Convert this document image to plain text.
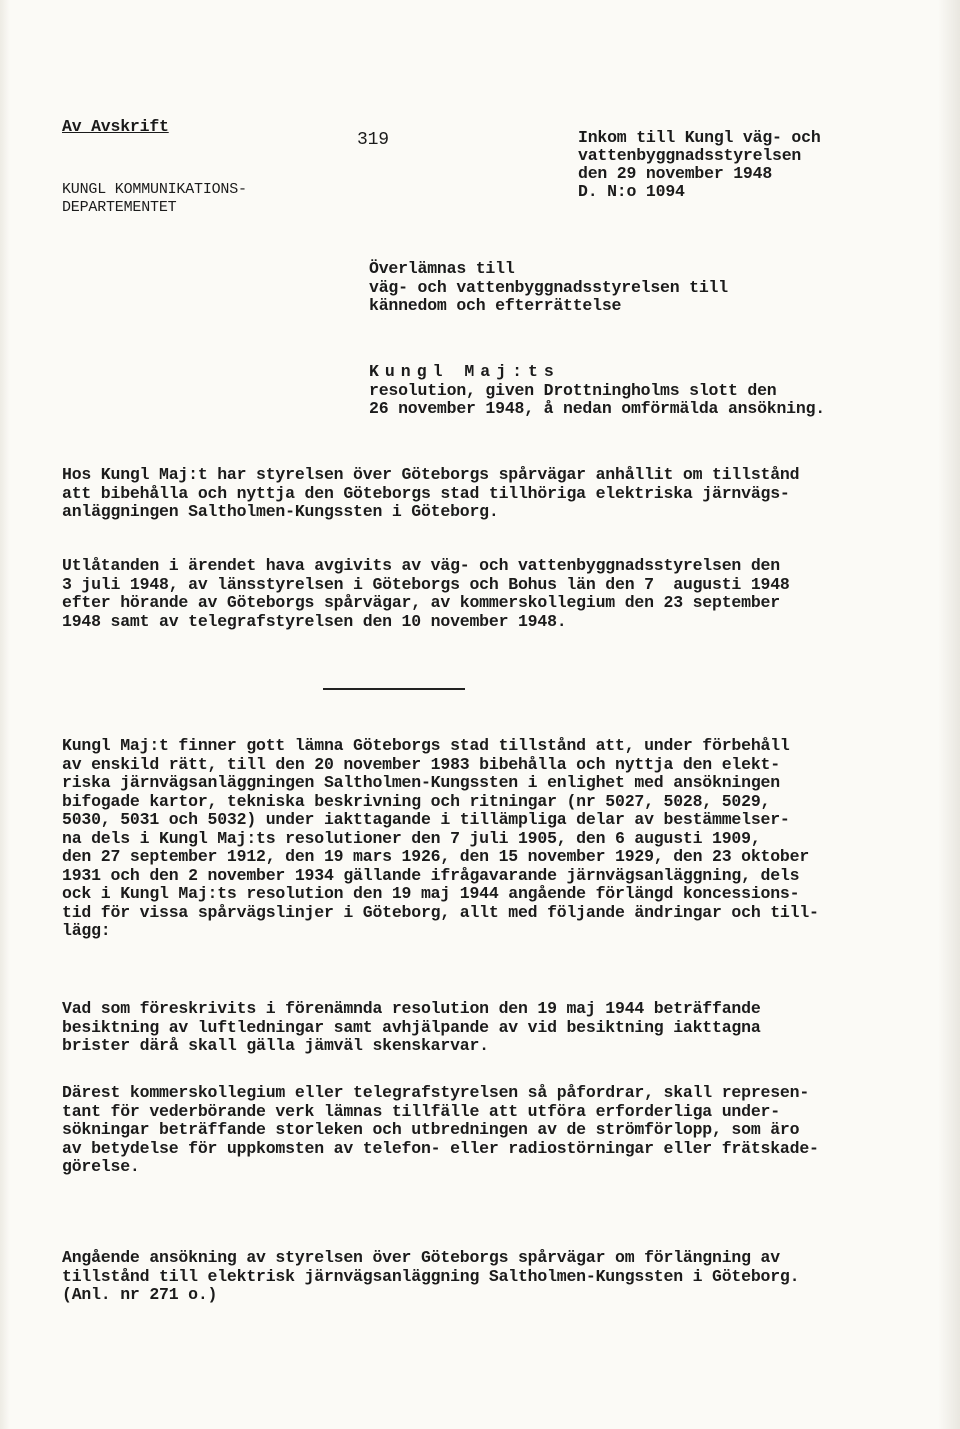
Av Avskrift
KUNGL KOMMUNIKATIONS-
DEPARTEMENTET
319	Inkom till Kungl väg- och
vattenbyggnadsstyrelsen
den 29 november 1948
D. N:o 1094
Överlämnas till
väg- och vattenbyggnadsstyrelsen till
kännedom och efterrättelse
Kungl Maj:ts
resolution, given Drottningholms slott den
26 november 1948, å nedan omförmälda ansökning.
Hos Kungl Maj:t har styrelsen över Göteborgs spårvägar anhållit om tillstånd
att bibehålla och nyttja den Göteborgs stad tillhöriga elektriska järnvägs-
anläggningen Saltholmen-Kungssten i Göteborg.
Utlåtanden i ärendet hava avgivits av väg- och vattenbyggnadsstyrelsen den
3 juli 1948, av länsstyrelsen i Göteborgs och Bohus län den 7  augusti 1948
efter hörande av Göteborgs spårvägar, av kommerskollegium den 23 september
1948 samt av telegrafstyrelsen den 10 november 1948.
Kungl Maj:t finner gott lämna Göteborgs stad tillstånd att, under förbehåll
av enskild rätt, till den 20 november 1983 bibehålla och nyttja den elekt-
riska järnvägsanläggningen Saltholmen-Kungssten i enlighet med ansökningen
bifogade kartor, tekniska beskrivning och ritningar (nr 5027, 5028, 5029,
5030, 5031 och 5032) under iakttagande i tillämpliga delar av bestämmelser-
na dels i Kungl Maj:ts resolutioner den 7 juli 1905, den 6 augusti 1909,
den 27 september 1912, den 19 mars 1926, den 15 november 1929, den 23 oktober
1931 och den 2 november 1934 gällande ifrågavarande järnvägsanläggning, dels
ock i Kungl Maj:ts resolution den 19 maj 1944 angående förlängd koncessions-
tid för vissa spårvägslinjer i Göteborg, allt med följande ändringar och till-
lägg:
Vad som föreskrivits i förenämnda resolution den 19 maj 1944 beträffande
besiktning av luftledningar samt avhjälpande av vid besiktning iakttagna
brister därå skall gälla jämväl skenskarvar.
Därest kommerskollegium eller telegrafstyrelsen så påfordrar, skall represen-
tant för vederbörande verk lämnas tillfälle att utföra erforderliga under-
sökningar beträffande storleken och utbredningen av de strömförlopp, som äro
av betydelse för uppkomsten av telefon- eller radiostörningar eller frätskade-
görelse.
Angående ansökning av styrelsen över Göteborgs spårvägar om förlängning av
tillstånd till elektrisk järnvägsanläggning Saltholmen-Kungssten i Göteborg.
(Anl. nr 271 o.)
